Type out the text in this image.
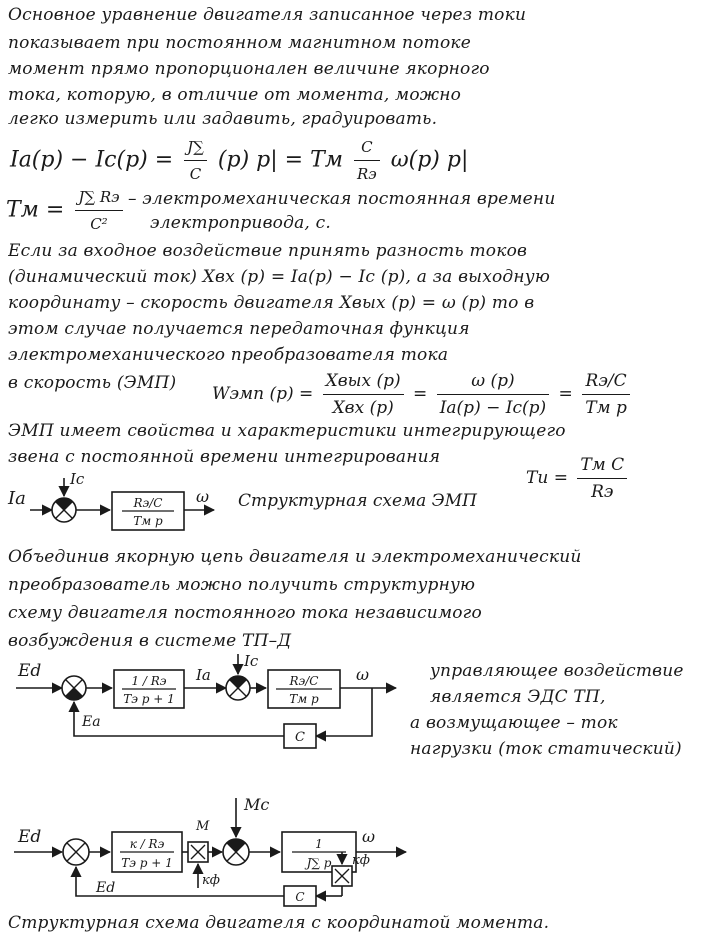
Основное уравнение двигателя записанное через токи
показывает при постоянном магнитном потоке
момент прямо пропорционален величине якорного
тока, которую, в отличие от момента, можно
легко измерить или задавить, градуировать.
$Iа(p) - Iс(p) = \frac{J\sum}{C} (p) p|$ = Tм $\frac{C}{Rэ} \omega(p)$ p|
Tм = $\frac{J\sum Rэ}{\text{C²}}$ – электромеханическая постоянная времени
электропривода, с.
Если за входное воздействие принять разность токов
(динамический ток) Xвх (p) = Iа(p) − Iс (p), а за выходную
координату – скорость двигателя Xвых (p) = ω (p) то в
этом случае получается передаточная функция
электромеханического преобразователя тока
в скорость (ЭМП)
Wэмп $(p) = \frac{\text{Xвых (p)}}{\text{Xвх (p)}} = \frac{\omega (p)}{Iа(p) - Iс(p)} = \frac{Rэ/C}{\text{Tм p}}$
ЭМП имеет свойства и характеристики интегрирующего
звена с постоянной времени интегрирования
Tи = $\frac{\text{Tм C}}{Rэ}$
Iа
Iс
Rэ/C
Tм p
ω Структурная схема ЭМП
Объединив якорную цепь двигателя и электромеханический
преобразователь можно получить структурную
схему двигателя постоянного тока независимого
возбуждения в системе ТП–Д
Ed	1 / Rэ
Tэ p + 1
Iа
Iс
Rэ/C
Tм p
ω
C
Eа
управляющее воздействие
является ЭДС ТП,
а возмущающее – ток
нагрузки (ток статический)
Ed	к / Rэ
Tэ p + 1
M
кф
Mс
1
J∑ p
ω
кф
C
Ed
Структурная схема двигателя с координатой момента.
